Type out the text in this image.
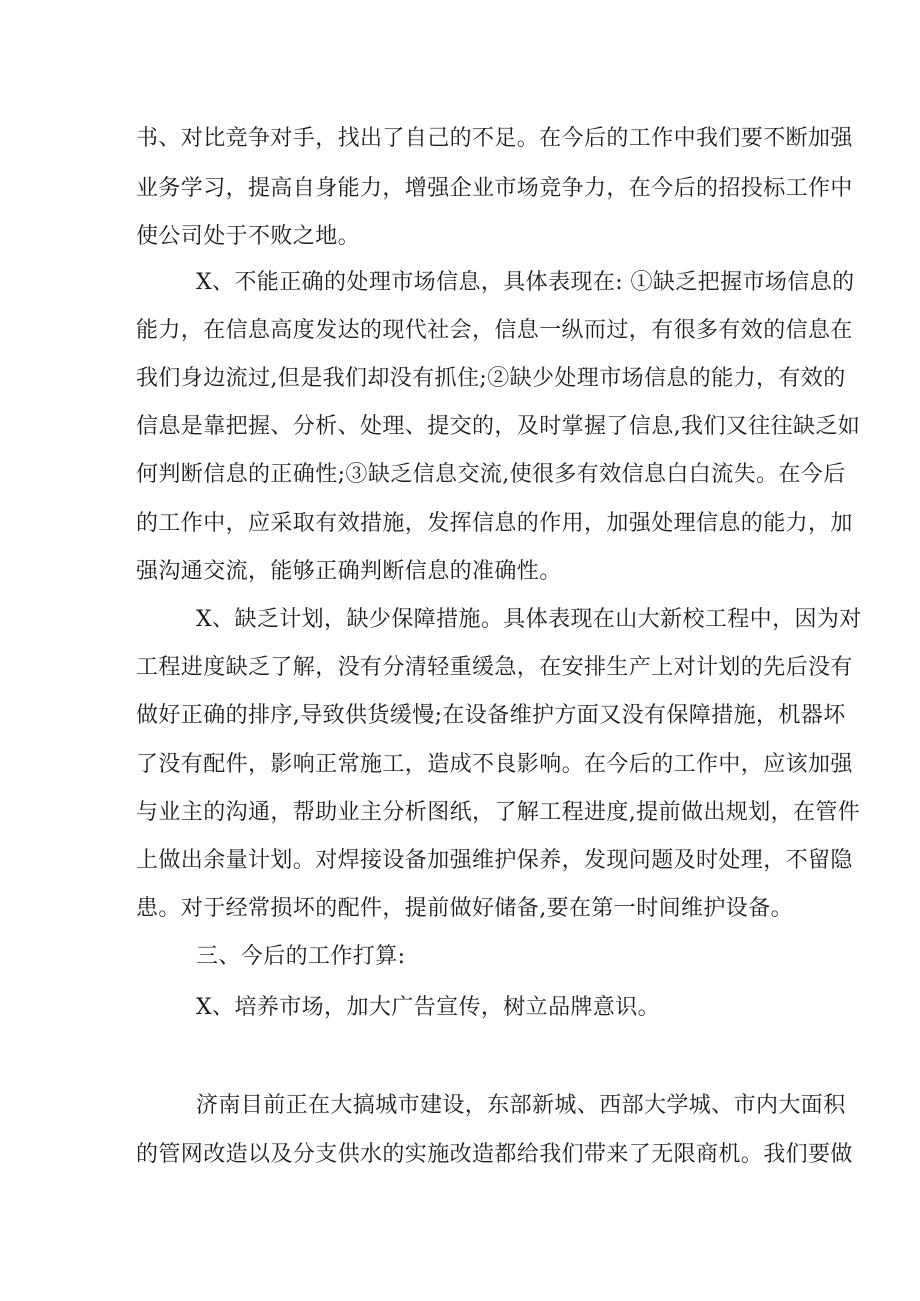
书、对比竞争对手，找出了自己的不足。在今后的工作中我们要不断加强
业务学习，提高自身能力，增强企业市场竞争力，在今后的招投标工作中
使公司处于不败之地。
X、不能正确的处理市场信息，具体表现在: ①缺乏把握市场信息的
能力，在信息高度发达的现代社会，信息一纵而过，有很多有效的信息在
我们身边流过,但是我们却没有抓住;②缺少处理市场信息的能力，有效的
信息是靠把握、分析、处理、提交的，及时掌握了信息,我们又往往缺乏如
何判断信息的正确性;③缺乏信息交流,使很多有效信息白白流失。在今后
的工作中，应采取有效措施，发挥信息的作用，加强处理信息的能力，加
强沟通交流，能够正确判断信息的准确性。
X、缺乏计划，缺少保障措施。具体表现在山大新校工程中，因为对
工程进度缺乏了解，没有分清轻重缓急，在安排生产上对计划的先后没有
做好正确的排序,导致供货缓慢;在设备维护方面又没有保障措施，机器坏
了没有配件，影响正常施工，造成不良影响。在今后的工作中，应该加强
与业主的沟通，帮助业主分析图纸，了解工程进度,提前做出规划，在管件
上做出余量计划。对焊接设备加强维护保养，发现问题及时处理，不留隐
患。对于经常损坏的配件，提前做好储备,要在第一时间维护设备。
三、今后的工作打算:
X、培养市场，加大广告宣传，树立品牌意识。
济南目前正在大搞城市建设，东部新城、西部大学城、市内大面积
的管网改造以及分支供水的实施改造都给我们带来了无限商机。我们要做
